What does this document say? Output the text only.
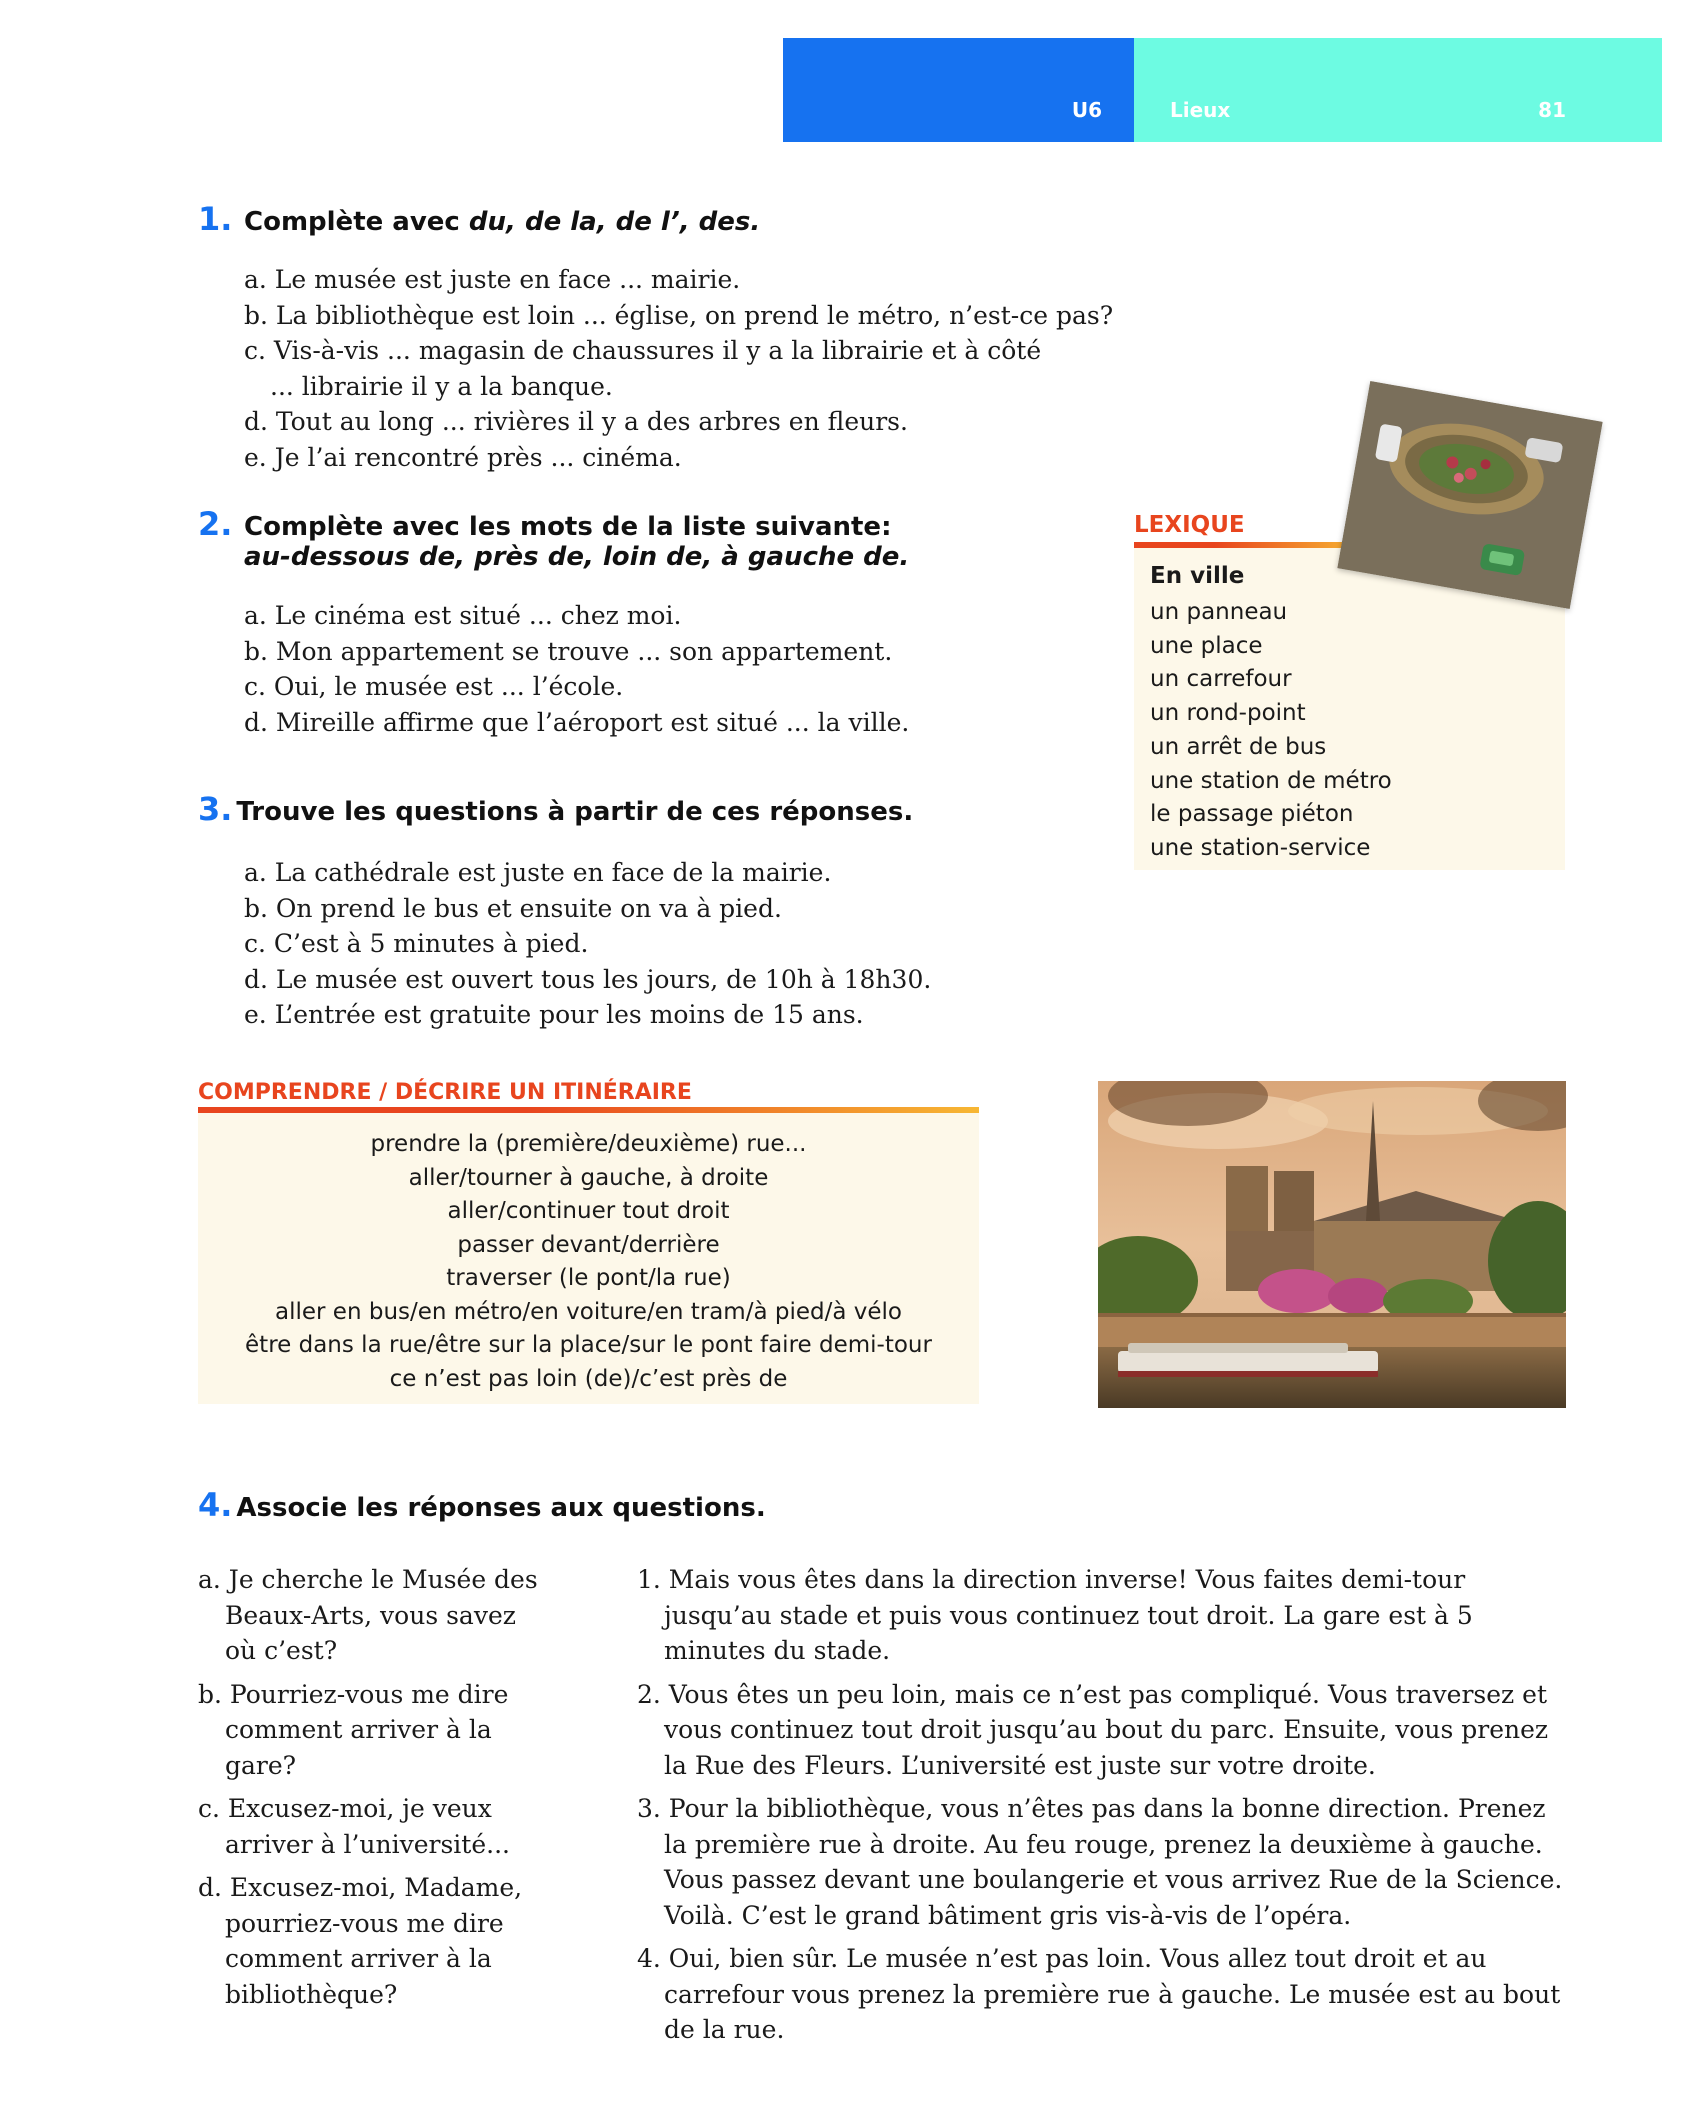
U6	Lieux	81
1. Complète avec du, de la, de l’, des.
a. Le musée est juste en face ... mairie.
b. La bibliothèque est loin ... église, on prend le métro, n’est-ce pas?
c. Vis-à-vis ... magasin de chaussures il y a la librairie et à côté ... librairie il y a la banque.
d. Tout au long ... rivières il y a des arbres en fleurs.
e. Je l’ai rencontré près ... cinéma.
2. Complète avec les mots de la liste suivante:
au-dessous de, près de, loin de, à gauche de.
a. Le cinéma est situé ... chez moi.
b. Mon appartement se trouve ... son appartement.
c. Oui, le musée est ... l’école.
d. Mireille affirme que l’aéroport est situé ... la ville.
3. Trouve les questions à partir de ces réponses.
a. La cathédrale est juste en face de la mairie.
b. On prend le bus et ensuite on va à pied.
c. C’est à 5 minutes à pied.
d. Le musée est ouvert tous les jours, de 10h à 18h30.
e. L’entrée est gratuite pour les moins de 15 ans.
LEXIQUE
En ville
un panneau
une place
un carrefour
un rond-point
un arrêt de bus
une station de métro
le passage piéton
une station-service
COMPRENDRE / DÉCRIRE UN ITINÉRAIRE
prendre la (première/deuxième) rue...
aller/tourner à gauche, à droite
aller/continuer tout droit
passer devant/derrière
traverser (le pont/la rue)
aller en bus/en métro/en voiture/en tram/à pied/à vélo
être dans la rue/être sur la place/sur le pont faire demi-tour
ce n’est pas loin (de)/c’est près de
4. Associe les réponses aux questions.
a. Je cherche le Musée des Beaux-Arts, vous savez où c’est?
b. Pourriez-vous me dire comment arriver à la gare?
c. Excusez-moi, je veux arriver à l’université...
d. Excusez-moi, Madame, pourriez-vous me dire comment arriver à la bibliothèque?
1. Mais vous êtes dans la direction inverse! Vous faites demi-tour jusqu’au stade et puis vous continuez tout droit. La gare est à 5 minutes du stade.
2. Vous êtes un peu loin, mais ce n’est pas compliqué. Vous traversez et vous continuez tout droit jusqu’au bout du parc. Ensuite, vous prenez la Rue des Fleurs. L’université est juste sur votre droite.
3. Pour la bibliothèque, vous n’êtes pas dans la bonne direction. Prenez la première rue à droite. Au feu rouge, prenez la deuxième à gauche. Vous passez devant une boulangerie et vous arrivez Rue de la Science. Voilà. C’est le grand bâtiment gris vis-à-vis de l’opéra.
4. Oui, bien sûr. Le musée n’est pas loin. Vous allez tout droit et au carrefour vous prenez la première rue à gauche. Le musée est au bout de la rue.
